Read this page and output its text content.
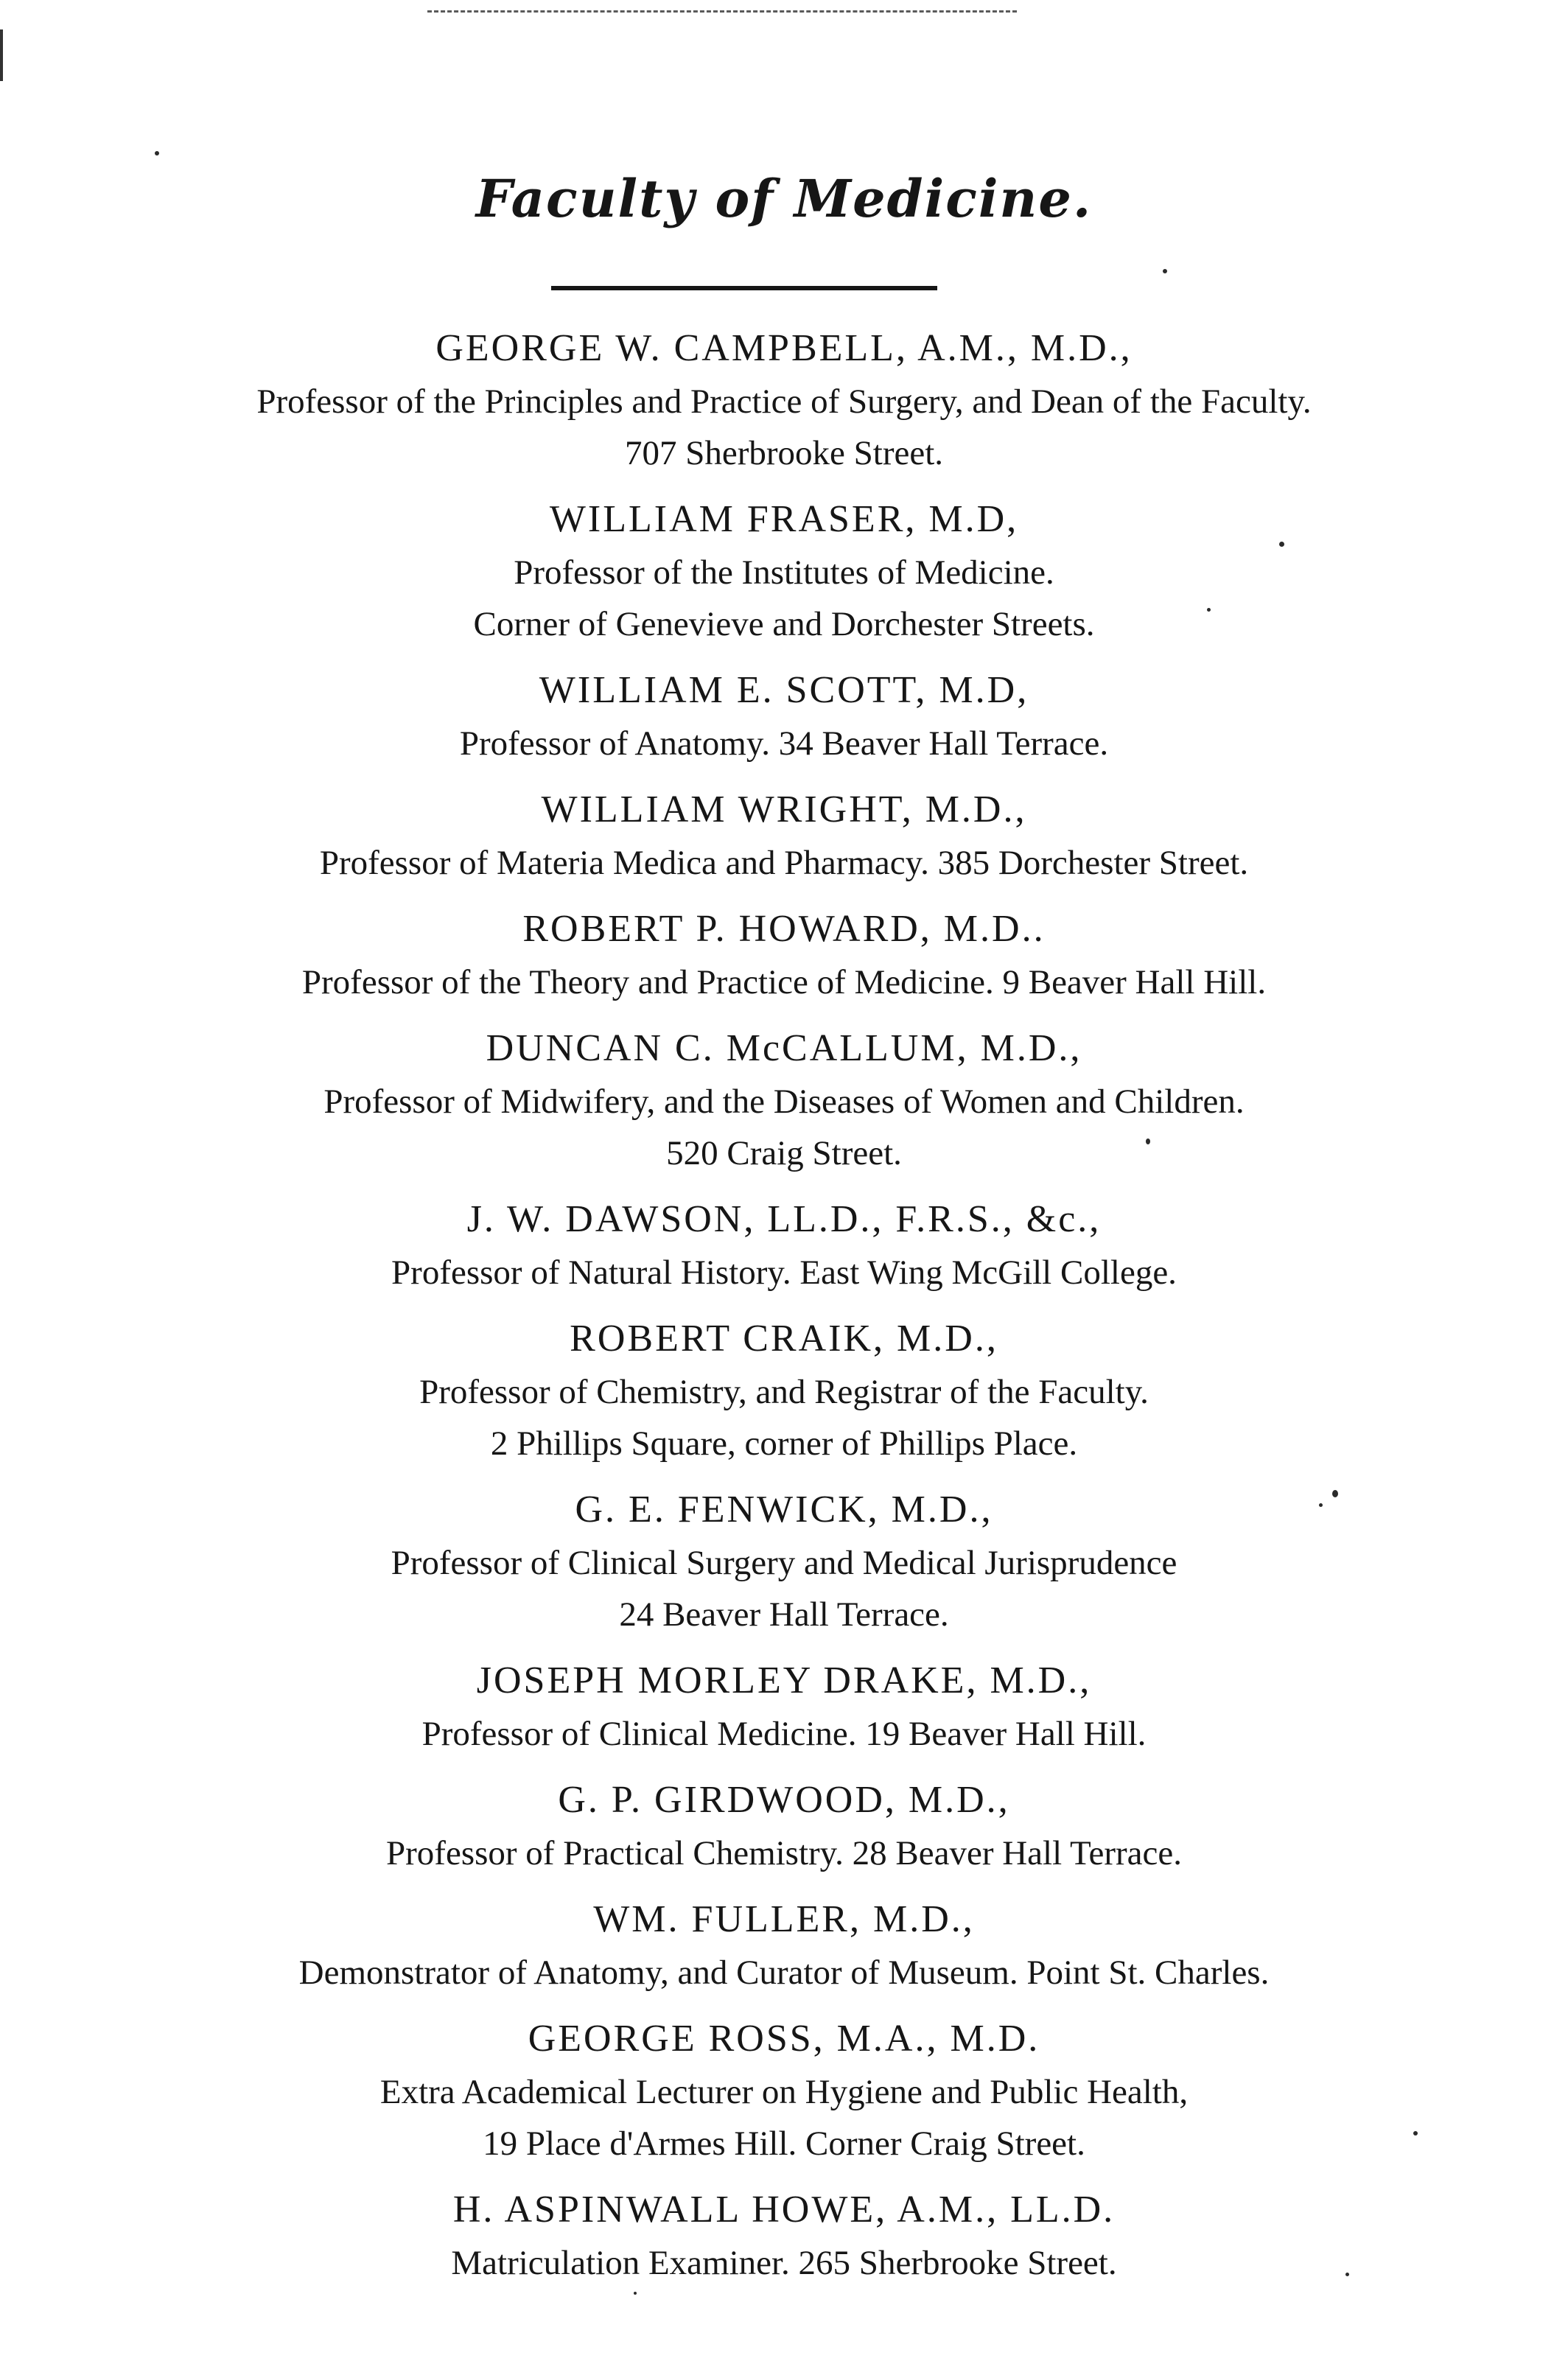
Faculty of Medicine.
GEORGE W. CAMPBELL, A.M., M.D.,
Professor of the Principles and Practice of Surgery, and Dean of the Faculty.
707 Sherbrooke Street.
WILLIAM FRASER, M.D,
Professor of the Institutes of Medicine.
Corner of Genevieve and Dorchester Streets.
WILLIAM E. SCOTT, M.D,
Professor of Anatomy. 34 Beaver Hall Terrace.
WILLIAM WRIGHT, M.D.,
Professor of Materia Medica and Pharmacy. 385 Dorchester Street.
ROBERT P. HOWARD, M.D..
Professor of the Theory and Practice of Medicine. 9 Beaver Hall Hill.
DUNCAN C. McCALLUM, M.D.,
Professor of Midwifery, and the Diseases of Women and Children.
520 Craig Street.
J. W. DAWSON, LL.D., F.R.S., &c.,
Professor of Natural History. East Wing McGill College.
ROBERT CRAIK, M.D.,
Professor of Chemistry, and Registrar of the Faculty.
2 Phillips Square, corner of Phillips Place.
G. E. FENWICK, M.D.,
Professor of Clinical Surgery and Medical Jurisprudence
24 Beaver Hall Terrace.
JOSEPH MORLEY DRAKE, M.D.,
Professor of Clinical Medicine. 19 Beaver Hall Hill.
G. P. GIRDWOOD, M.D.,
Professor of Practical Chemistry. 28 Beaver Hall Terrace.
WM. FULLER, M.D.,
Demonstrator of Anatomy, and Curator of Museum. Point St. Charles.
GEORGE ROSS, M.A., M.D.
Extra Academical Lecturer on Hygiene and Public Health,
19 Place d'Armes Hill. Corner Craig Street.
H. ASPINWALL HOWE, A.M., LL.D.
Matriculation Examiner. 265 Sherbrooke Street.
